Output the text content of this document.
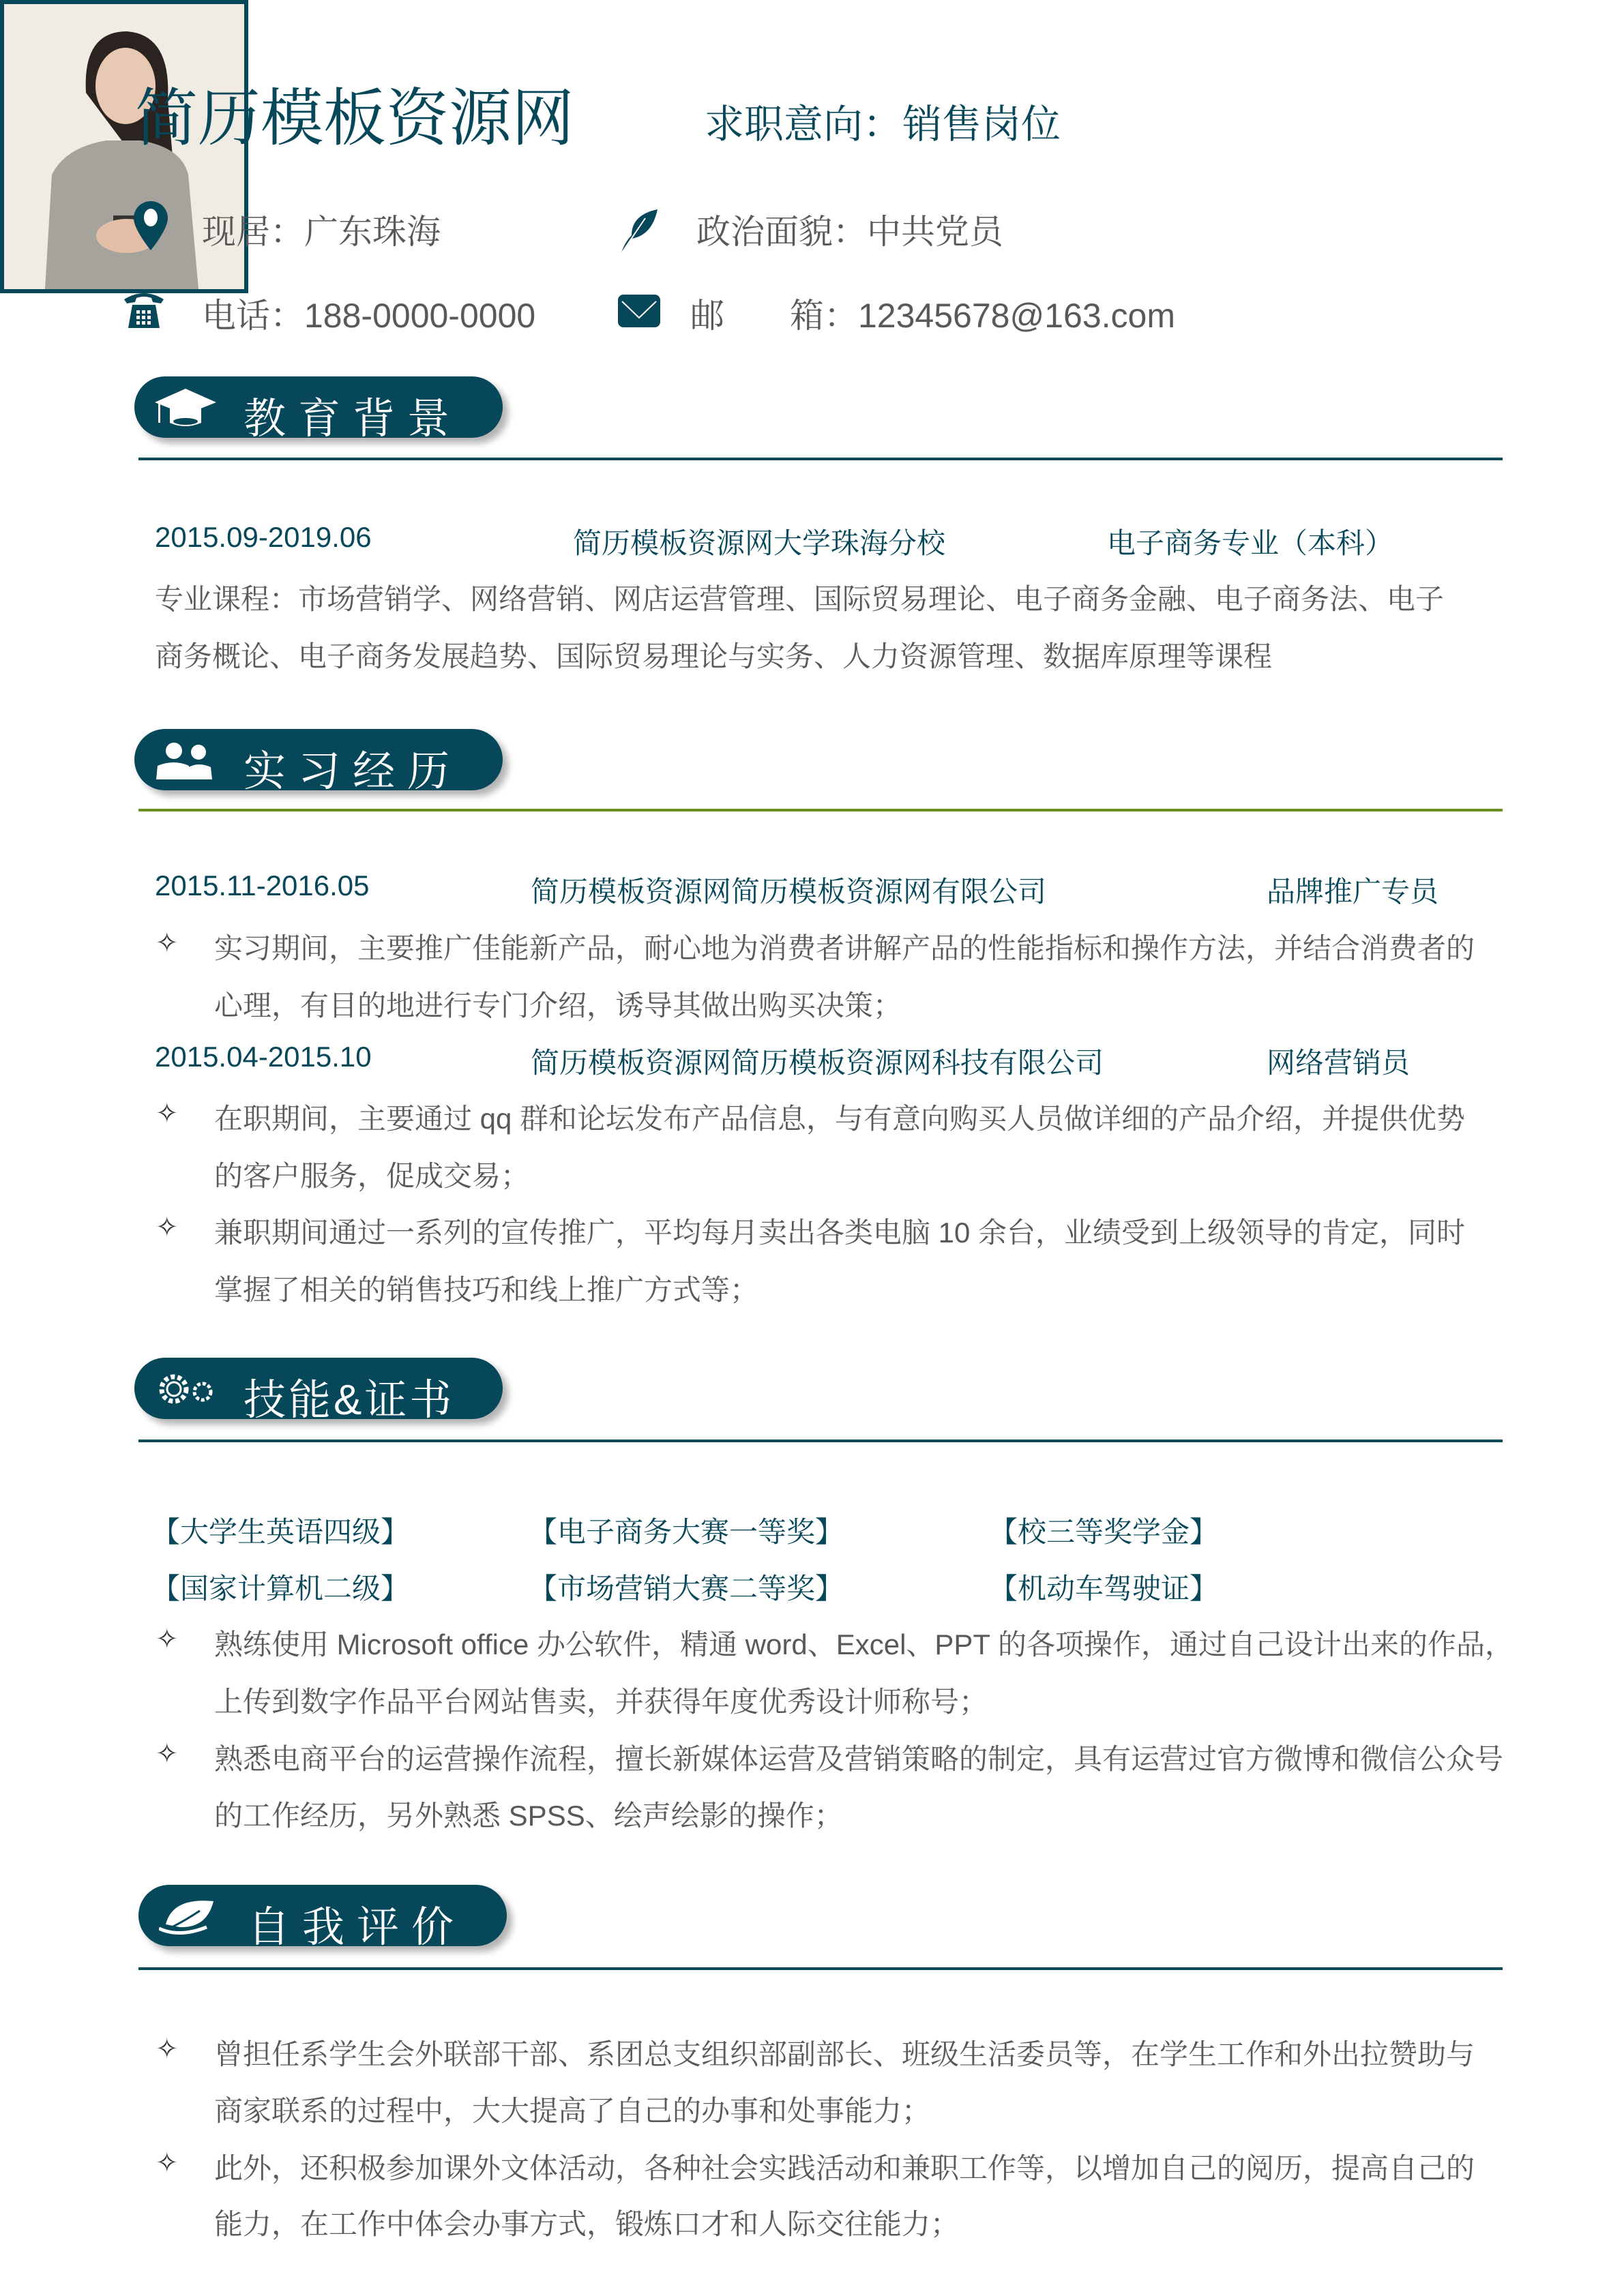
简历模板资源网	求职意向：销售岗位
现居：广东珠海	政治面貌：中共党员
电话：188-0000-0000	邮 箱：12345678@163.com
教育背景
2015.09-2019.06	简历模板资源网大学珠海分校	电子商务专业（本科）
专业课程：市场营销学、网络营销、网店运营管理、国际贸易理论、电子商务金融、电子商务法、电子
商务概论、电子商务发展趋势、国际贸易理论与实务、人力资源管理、数据库原理等课程
实习经历
2015.11-2016.05	简历模板资源网简历模板资源网有限公司	品牌推广专员
✧ 实习期间，主要推广佳能新产品，耐心地为消费者讲解产品的性能指标和操作方法，并结合消费者的
心理，有目的地进行专门介绍，诱导其做出购买决策；
2015.04-2015.10	简历模板资源网简历模板资源网科技有限公司	网络营销员
✧ 在职期间，主要通过 qq 群和论坛发布产品信息，与有意向购买人员做详细的产品介绍，并提供优势
的客户服务，促成交易；
✧ 兼职期间通过一系列的宣传推广，平均每月卖出各类电脑 10 余台，业绩受到上级领导的肯定，同时
掌握了相关的销售技巧和线上推广方式等；
技能&证书
【大学生英语四级】	【电子商务大赛一等奖】	【校三等奖学金】
【国家计算机二级】	【市场营销大赛二等奖】	【机动车驾驶证】
✧ 熟练使用 Microsoft office 办公软件，精通 word、Excel、PPT 的各项操作，通过自己设计出来的作品，
上传到数字作品平台网站售卖，并获得年度优秀设计师称号；
✧ 熟悉电商平台的运营操作流程，擅长新媒体运营及营销策略的制定，具有运营过官方微博和微信公众号
的工作经历，另外熟悉 SPSS、绘声绘影的操作；
自我评价
✧ 曾担任系学生会外联部干部、系团总支组织部副部长、班级生活委员等，在学生工作和外出拉赞助与
商家联系的过程中，大大提高了自己的办事和处事能力；
✧ 此外，还积极参加课外文体活动，各种社会实践活动和兼职工作等，以增加自己的阅历，提高自己的
能力，在工作中体会办事方式，锻炼口才和人际交往能力；
